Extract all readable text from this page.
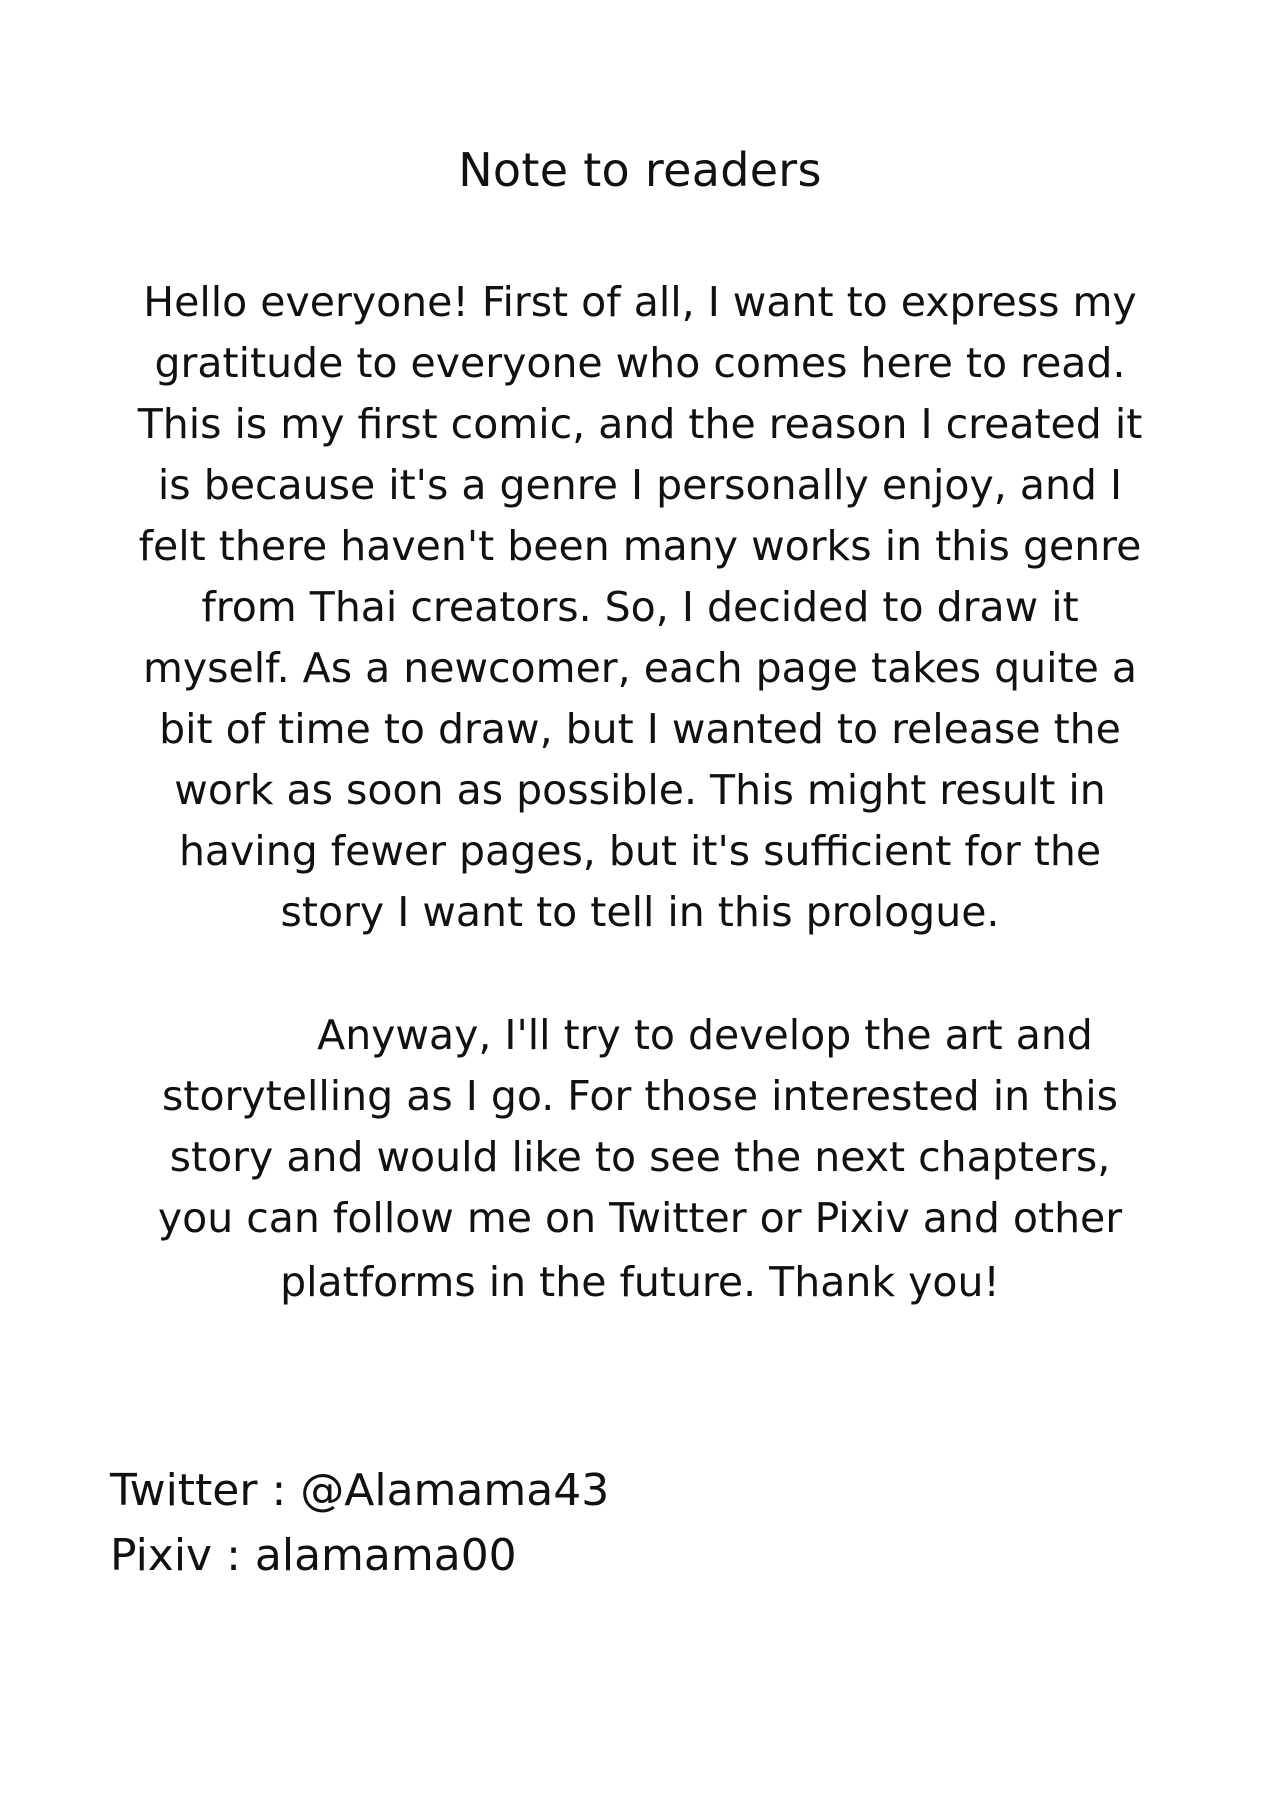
Note to readers

Hello everyone! First of all, I want to express my
gratitude to everyone who comes here to read.
This is my first comic, and the reason I created it
is because it's a genre I personally enjoy, and I
felt there haven't been many works in this genre
from Thai creators. So, I decided to draw it
myself. As a newcomer, each page takes quite a
bit of time to draw, but I wanted to release the
work as soon as possible. This might result in
having fewer pages, but it's sufficient for the
story I want to tell in this prologue.

Anyway, I'll try to develop the art and
storytelling as I go. For those interested in this
story and would like to see the next chapters,
you can follow me on Twitter or Pixiv and other
platforms in the future. Thank you!

Twitter : @Alamama43
Pixiv : alamama00
